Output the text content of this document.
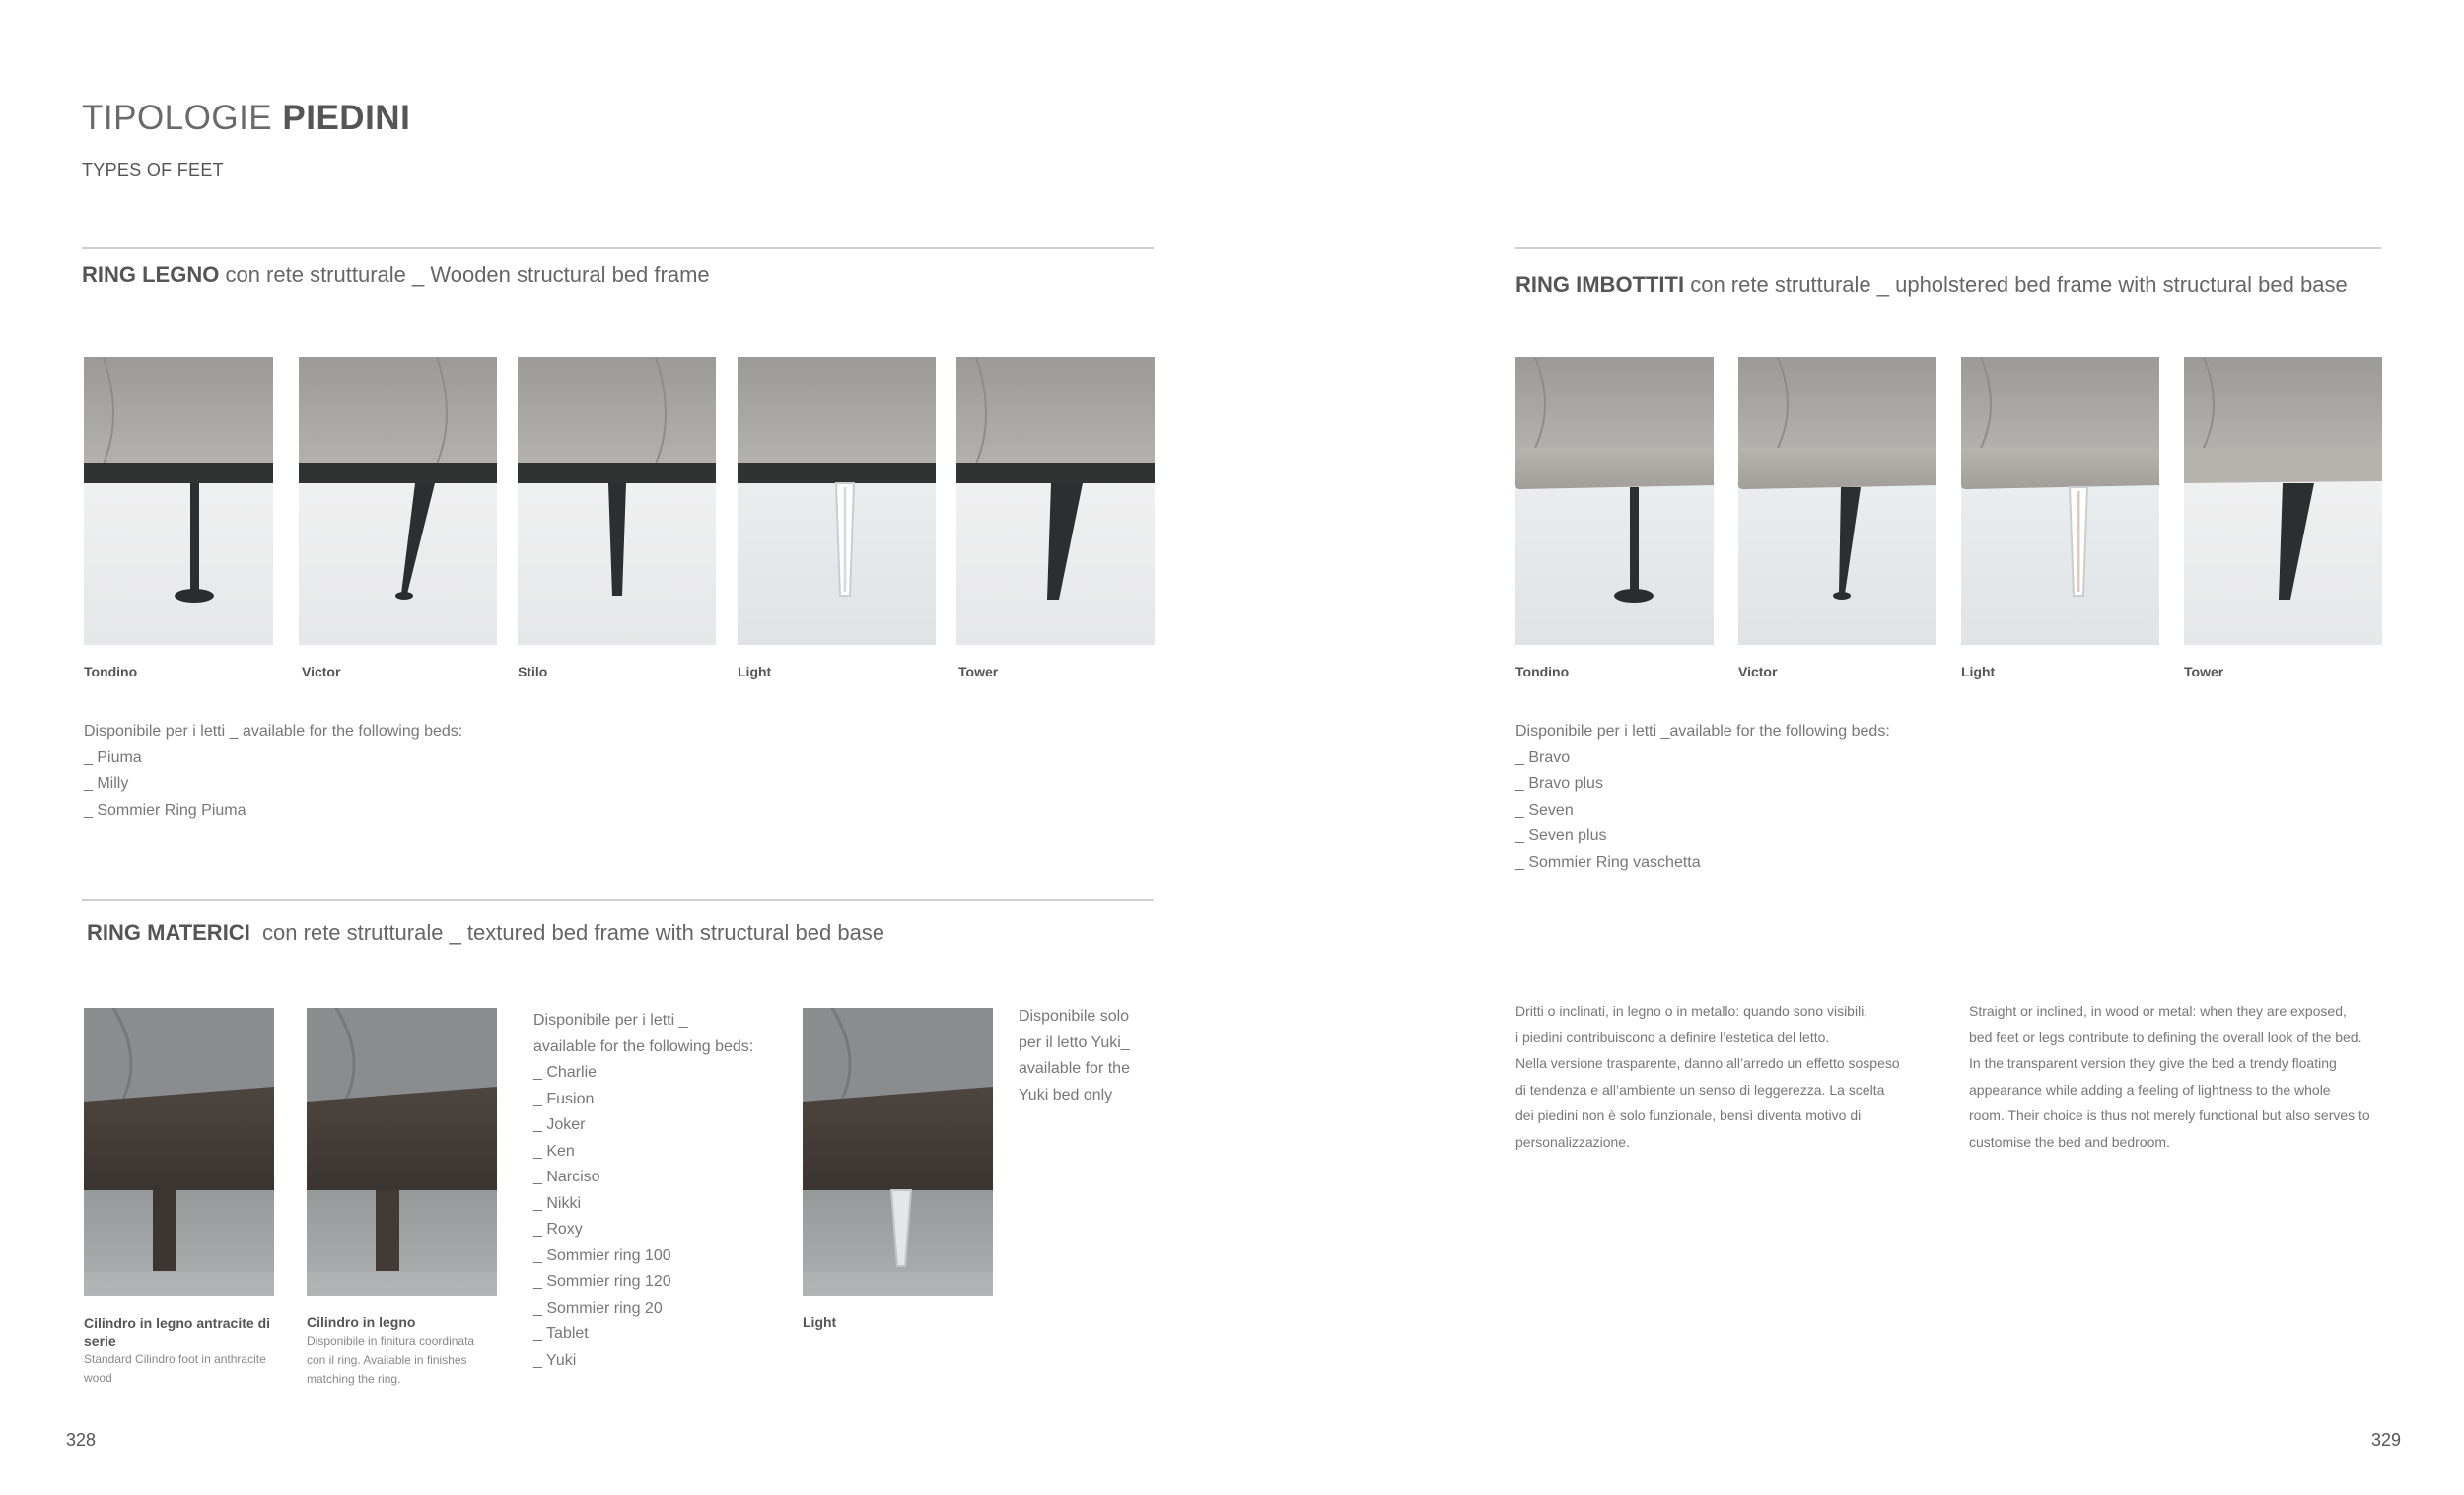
TIPOLOGIE PIEDINI
TYPES OF FEET
RING LEGNO con rete strutturale _ Wooden structural bed frame
Tondino	Victor	Stilo	Light	Tower
Disponibile per i letti _ available for the following beds:
_ Piuma
_ Milly
_ Sommier Ring Piuma
RING MATERICI con rete strutturale _ textured bed frame with structural bed base
Cilindro in legno antracite di serie
Standard Cilindro foot in anthracite wood
Cilindro in legno
Disponibile in finitura coordinata con il ring. Available in finishes matching the ring.
Light
Disponibile per i letti _
available for the following beds:
_ Charlie
_ Fusion
_ Joker
_ Ken
_ Narciso
_ Nikki
_ Roxy
_ Sommier ring 100
_ Sommier ring 120
_ Sommier ring 20
_ Tablet
_ Yuki
Disponibile solo
per il letto Yuki_
available for the
Yuki bed only
328
RING IMBOTTITI con rete strutturale _ upholstered bed frame with structural bed base
Tondino	Victor	Light	Tower
Disponibile per i letti _available for the following beds:
_ Bravo
_ Bravo plus
_ Seven
_ Seven plus
_ Sommier Ring vaschetta
Dritti o inclinati, in legno o in metallo: quando sono visibili,
i piedini contribuiscono a definire l’estetica del letto.
Nella versione trasparente, danno all’arredo un effetto sospeso
di tendenza e all’ambiente un senso di leggerezza. La scelta
dei piedini non è solo funzionale, bensì diventa motivo di
personalizzazione.
Straight or inclined, in wood or metal: when they are exposed,
bed feet or legs contribute to defining the overall look of the bed.
In the transparent version they give the bed a trendy floating
appearance while adding a feeling of lightness to the whole
room. Their choice is thus not merely functional but also serves to
customise the bed and bedroom.
329
